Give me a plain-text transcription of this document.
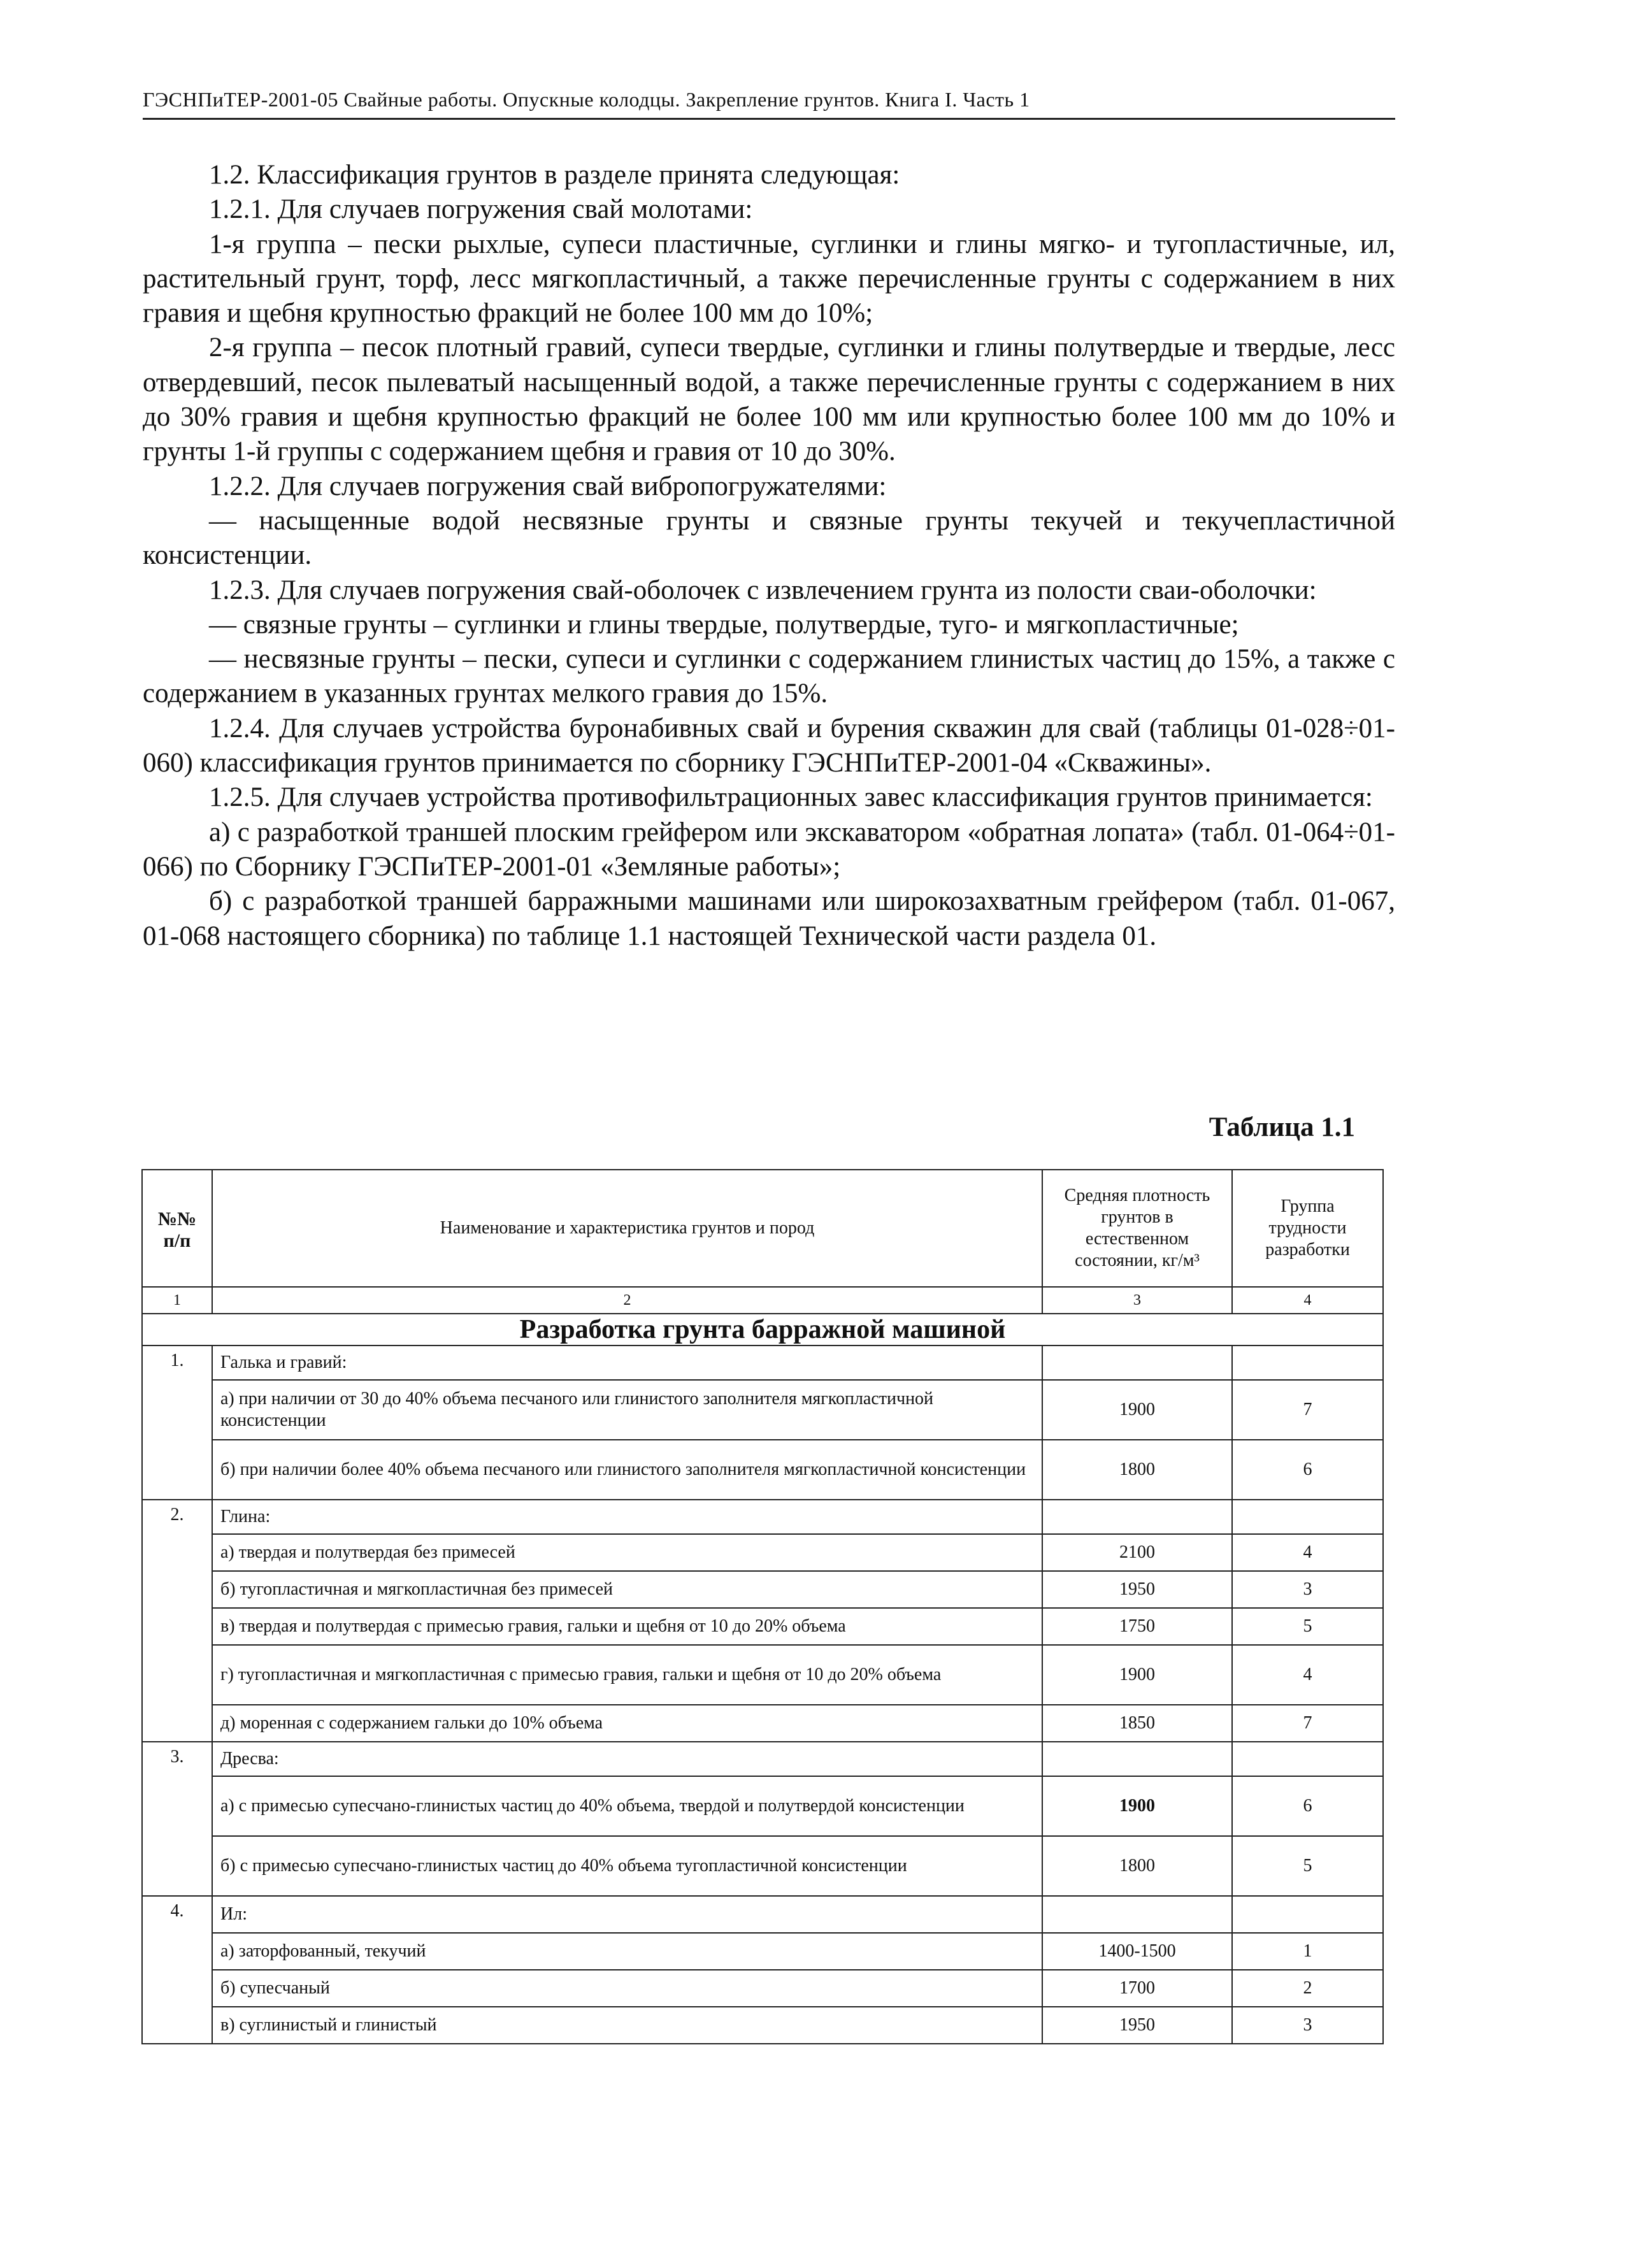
ГЭСНПиТЕР-2001-05 Свайные работы. Опускные колодцы. Закрепление грунтов. Книга I. Часть 1

1.2. Классификация грунтов в разделе принята следующая:

1.2.1. Для случаев погружения свай молотами:

1-я группа – пески рыхлые, супеси пластичные, суглинки и глины мягко- и тугопластичные, ил, растительный грунт, торф, лесс мягкопластичный, а также перечисленные грунты с содержанием в них гравия и щебня крупностью фракций не более 100 мм до 10%;

2-я группа – песок плотный гравий, супеси твердые, суглинки и глины полутвердые и твердые, лесс отвердевший, песок пылеватый насыщенный водой, а также перечисленные грунты с содержанием в них до 30% гравия и щебня крупностью фракций не более 100 мм или крупностью более 100 мм до 10% и грунты 1-й группы с содержанием щебня и гравия от 10 до 30%.

1.2.2. Для случаев погружения свай вибропогружателями:

— насыщенные водой несвязные грунты и связные грунты текучей и текучепластичной консистенции.

1.2.3. Для случаев погружения свай-оболочек с извлечением грунта из полости сваи-оболочки:

— связные грунты – суглинки и глины твердые, полутвердые, туго- и мягкопластичные;

— несвязные грунты – пески, супеси и суглинки с содержанием глинистых частиц до 15%, а также с содержанием в указанных грунтах мелкого гравия до 15%.

1.2.4. Для случаев устройства буронабивных свай и бурения скважин для свай (таблицы 01-028÷01-060) классификация грунтов принимается по сборнику ГЭСНПиТЕР-2001-04 «Скважины».

1.2.5. Для случаев устройства противофильтрационных завес классификация грунтов принимается:

а) с разработкой траншей плоским грейфером или экскаватором «обратная лопата» (табл. 01-064÷01-066) по Сборнику ГЭСПиТЕР-2001-01 «Земляные работы»;

б) с разработкой траншей барражными машинами или широкозахватным грейфером (табл. 01-067, 01-068 настоящего сборника) по таблице 1.1 настоящей Технической части раздела 01.

Таблица 1.1
№№ п/п	Наименование и характеристика грунтов и пород	Средняя плотность грунтов в естественном состоянии, кг/м³	Группа трудности разработки
1	2	3	4
Разработка грунта барражной машиной			
1.	Галька и гравий:		
	а) при наличии от 30 до 40% объема песчаного или глинистого заполнителя мягкопластичной консистенции	1900	7
	б) при наличии более 40% объема песчаного или глинистого заполнителя мягкопластичной консистенции	1800	6
2.	Глина:		
	а) твердая и полутвердая без примесей	2100	4
	б) тугопластичная и мягкопластичная без примесей	1950	3
	в) твердая и полутвердая с примесью гравия, гальки и щебня от 10 до 20% объема	1750	5
	г) тугопластичная и мягкопластичная с примесью гравия, гальки и щебня от 10 до 20% объема	1900	4
	д) моренная с содержанием гальки до 10% объема	1850	7
3.	Дресва:		
	а) с примесью супесчано-глинистых частиц до 40% объема, твердой и полутвердой консистенции	1900	6
	б) с примесью супесчано-глинистых частиц до 40% объема тугопластичной консистенции	1800	5
4.	Ил:		
	а) заторфованный, текучий	1400-1500	1
	б) супесчаный	1700	2
	в) суглинистый и глинистый	1950	3
